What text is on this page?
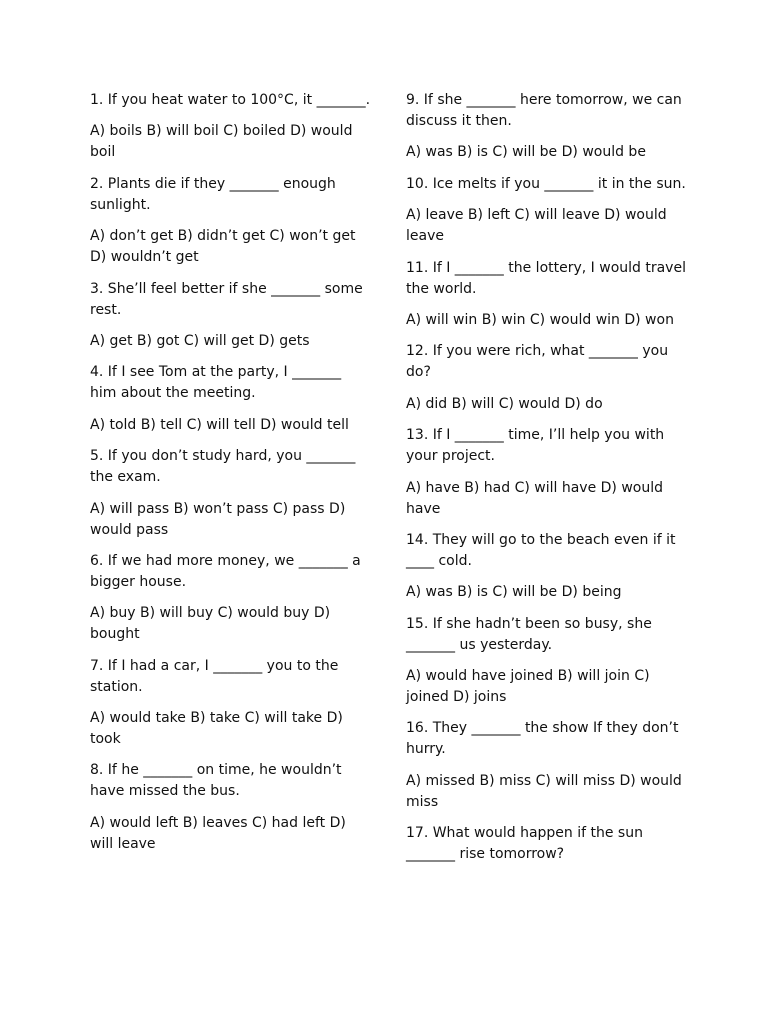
1. If you heat water to 100°C, it _______.

A) boils B) will boil C) boiled D) would boil

2. Plants die if they _______ enough sunlight.

A) don’t get B) didn’t get C) won’t get D) wouldn’t get

3. She’ll feel better if she _______ some rest.

A) get B) got C) will get D) gets

4. If I see Tom at the party, I _______ him about the meeting.

A) told B) tell C) will tell D) would tell

5. If you don’t study hard, you _______ the exam.

A) will pass B) won’t pass C) pass D) would pass

6. If we had more money, we _______ a bigger house.

A) buy B) will buy C) would buy D) bought

7. If I had a car, I _______ you to the station.

A) would take B) take C) will take D) took

8. If he _______ on time, he wouldn’t have missed the bus.

A) would left B) leaves C) had left D) will leave

9. If she _______ here tomorrow, we can discuss it then.

A) was B) is C) will be D) would be

10. Ice melts if you _______ it in the sun.

A) leave B) left C) will leave D) would leave

11. If I _______ the lottery, I would travel the world.

A) will win B) win C) would win D) won

12. If you were rich, what _______ you do?

A) did B) will C) would D) do

13. If I _______ time, I’ll help you with your project.

A) have B) had C) will have D) would have

14. They will go to the beach even if it ____ cold.

A) was B) is C) will be D) being

15. If she hadn’t been so busy, she _______ us yesterday.

A) would have joined B) will join C) joined D) joins

16. They _______ the show If they don’t hurry.

A) missed B) miss C) will miss D) would miss

17. What would happen if the sun _______ rise tomorrow?
